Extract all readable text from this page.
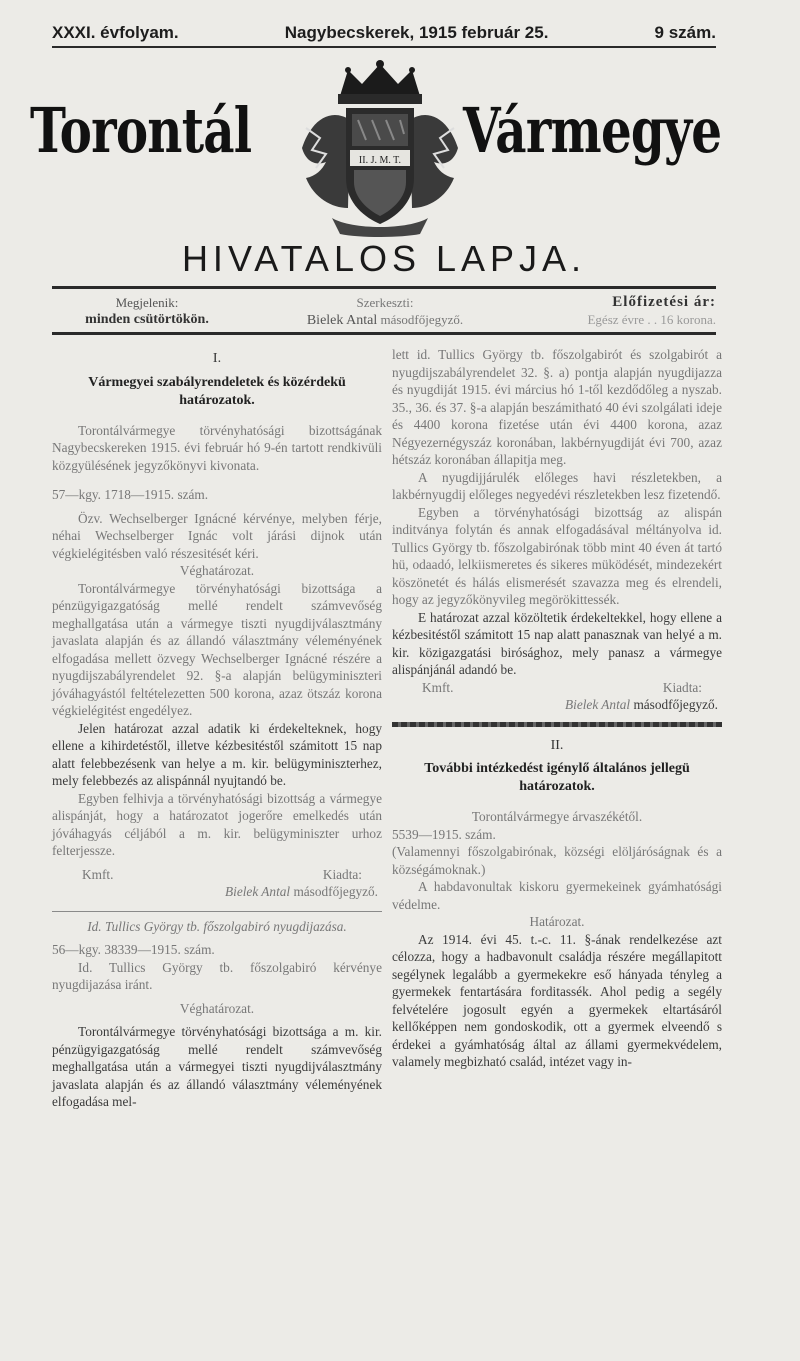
XXXI. évfolyam.	Nagybecskerek, 1915 február 25.	9 szám.
Torontál	II. J. M. T. Vármegye
HIVATALOS LAPJA.
Megjelenik:
minden csütörtökön.
Szerkeszti:
Bielek Antal másodfőjegyző.
Előfizetési ár:
Egész évre . . 16 korona.
I.
Vármegyei szabályrendeletek és közérdekü határozatok.

Torontálvármegye törvényhatósági bizottságának Nagybecskereken 1915. évi február hó 9-én tartott rendkivüli közgyülésének jegyzőkönyvi kivonata.

57—kgy. 1718—1915. szám.

Özv. Wechselberger Ignácné kérvénye, melyben férje, néhai Wechselberger Ignác volt járási dijnok után végkielégitésben való részesitését kéri.

Véghatározat.

Torontálvármegye törvényhatósági bizottsága a pénzügyigazgatóság mellé rendelt számvevőség meghallgatása után a vármegye tiszti nyugdijválasztmány javaslata alapján és az állandó választmány véleményének elfogadása mellett özvegy Wechselberger Ignácné részére a nyugdijszabályrendelet 92. §-a alapján belügyminiszteri jóváhagyástól feltételezetten 500 korona, azaz ötszáz korona végkielégitést engedélyez.

Jelen határozat azzal adatik ki érdekelteknek, hogy ellene a kihirdetéstől, illetve kézbesitéstől számitott 15 nap alatt felebbezésenk van helye a m. kir. belügyminiszterhez, mely felebbezés az alispánnál nyujtandó be.

Egyben felhivja a törvényhatósági bizottság a vármegye alispánját, hogy a határozatot jogerőre emelkedés után jóváhagyás céljából a m. kir. belügyminiszter urhoz felterjessze.

Kmft.	Kiadta:
Bielek Antal másodfőjegyző.

Id. Tullics György tb. főszolgabiró nyugdijazása.

56—kgy. 38339—1915. szám.

Id. Tullics György tb. főszolgabiró kérvénye nyugdijazása iránt.

Véghatározat.

Torontálvármegye törvényhatósági bizottsága a m. kir. pénzügyigazgatóság mellé rendelt számvevőség meghallgatása után a vármegyei tiszti nyugdijválasztmány javaslata alapján és az állandó választmány véleményének elfogadása mel-

lett id. Tullics György tb. főszolgabirót és szolgabirót a nyugdijszabályrendelet 32. §. a) pontja alapján nyugdijazza és nyugdiját 1915. évi március hó 1-től kezdődőleg a nyszab. 35., 36. és 37. §-a alapján beszámitható 40 évi szolgálati ideje és 4400 korona fizetése után évi 4400 korona, azaz Négyezernégyszáz koronában, lakbérnyugdiját évi 700, azaz hétszáz koronában állapitja meg.

A nyugdijjárulék előleges havi részletekben, a lakbérnyugdij előleges negyedévi részletekben lesz fizetendő.

Egyben a törvényhatósági bizottság az alispán inditványa folytán és annak elfogadásával méltányolva id. Tullics György tb. főszolgabirónak több mint 40 éven át tartó hü, odaadó, lelkiismeretes és sikeres müködését, mindezekért köszönetét és hálás elismerését szavazza meg és elrendeli, hogy az jegyzőkönyvileg megörökittessék.

E határozat azzal közöltetik érdekeltekkel, hogy ellene a kézbesitéstől számitott 15 nap alatt panasznak van helyé a m. kir. közigazgatási birósághoz, mely panasz a vármegye alispánjánál adandó be.

Kmft.	Kiadta:
Bielek Antal másodfőjegyző.
II.
További intézkedést igénylő általános jellegü határozatok.

Torontálvármegye árvaszékétől.

5539—1915. szám.

(Valamennyi főszolgabirónak, községi elöljáróságnak és a községámoknak.)

A habdavonultak kiskoru gyermekeinek gyámhatósági védelme.

Határozat.

Az 1914. évi 45. t.-c. 11. §-ának rendelkezése azt célozza, hogy a hadbavonult családja részére megállapitott segélynek legalább a gyermekekre eső hányada tényleg a gyermekek fentartására forditassék. Ahol pedig a segély felvételére jogosult egyén a gyermekek eltartásáról kellőképpen nem gondoskodik, ott a gyermek elveendő s érdekei a gyámhatóság által az állami gyermekvédelem, valamely megbizható család, intézet vagy in-
